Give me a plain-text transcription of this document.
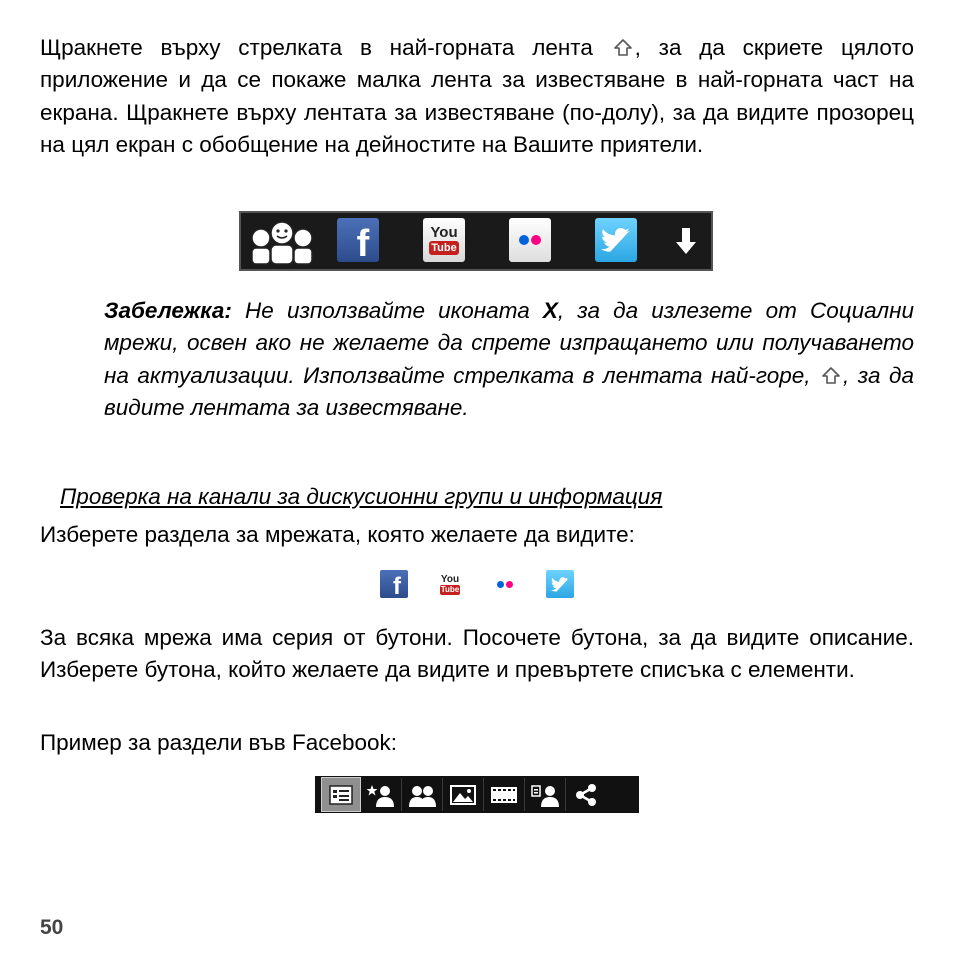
Щракнете върху стрелката в най-горната лента , за да скриете цялото приложение и да се покаже малка лента за известяване в най-горната част на екрана. Щракнете върху лентата за известяване (по-долу), за да видите прозорец на цял екран с обобщение на дейностите на Вашите приятели.

f	You
Tube

Забележка: Не използвайте иконата X, за да излезете от Социални мрежи, освен ако не желаете да спрете изпращането или получаването на актуализации. Използвайте стрелката в лентата най-горе, , за да видите лентата за известяване.

Проверка на канали за дискусионни групи и информация

Изберете раздела за мрежата, която желаете да видите:

f	You
Tube

За всяка мрежа има серия от бутони. Посочете бутона, за да видите описание. Изберете бутона, който желаете да видите и превъртете списъка с елементи.

Пример за раздели във Facebook:

50
